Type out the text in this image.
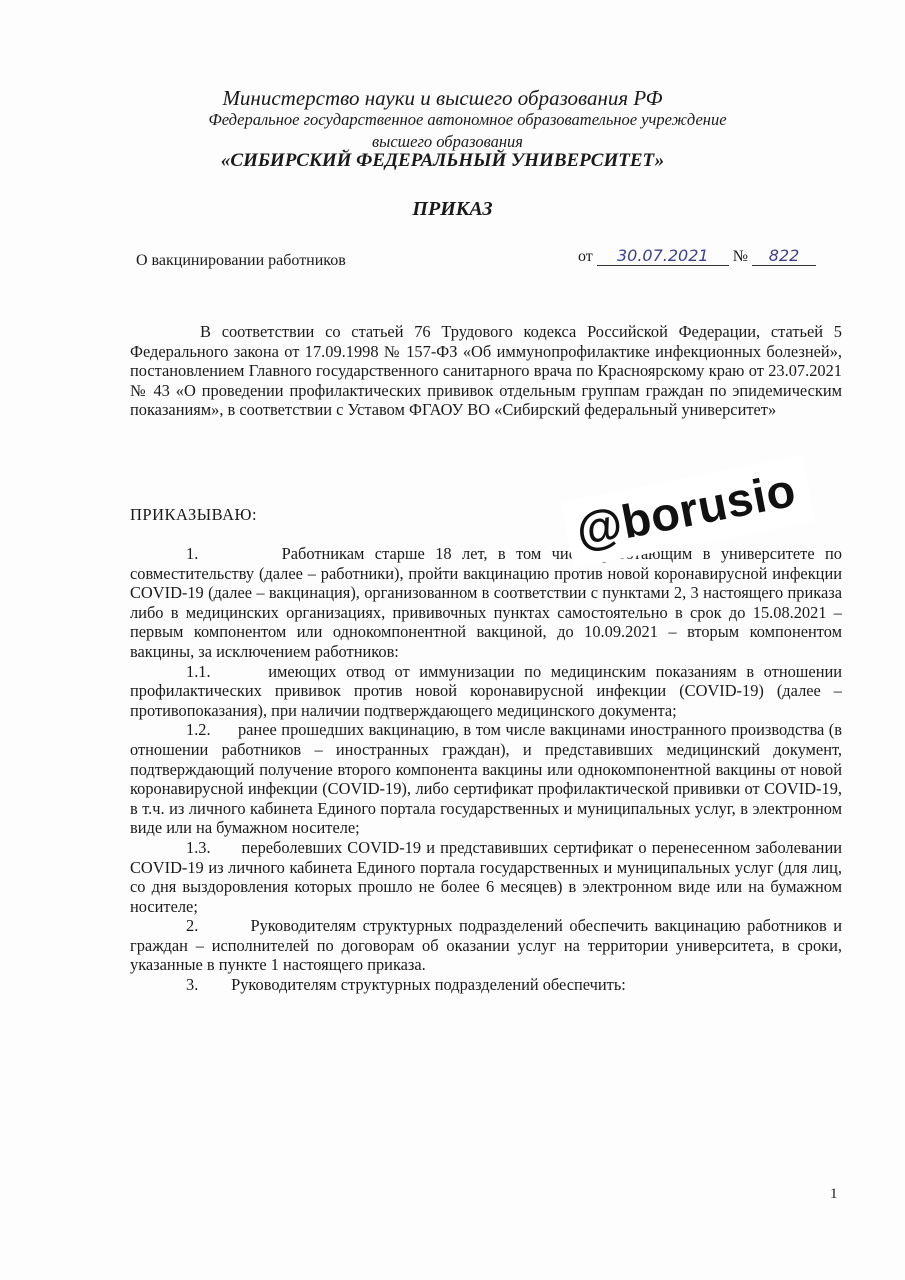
Министерство науки и высшего образования РФ
Федеральное государственное автономное образовательное учреждение
высшего образования
«СИБИРСКИЙ ФЕДЕРАЛЬНЫЙ УНИВЕРСИТЕТ»
ПРИКАЗ
О вакцинировании работников	от 30.07.2021 № 822
В соответствии со статьей 76 Трудового кодекса Российской Федерации, статьей 5 Федерального закона от 17.09.1998 № 157-ФЗ «Об иммунопрофилактике инфекционных болезней», постановлением Главного государственного санитарного врача по Красноярскому краю от 23.07.2021 № 43 «О проведении профилактических прививок отдельным группам граждан по эпидемическим показаниям», в соответствии с Уставом ФГАОУ ВО «Сибирский федеральный университет»
ПРИКАЗЫВАЮ:
1.	Работникам старше 18 лет, в том числе работающим в университете по совместительству (далее – работники), пройти вакцинацию против новой коронавирусной инфекции COVID-19 (далее – вакцинация), организованном в соответствии с пунктами 2, 3 настоящего приказа либо в медицинских организациях, прививочных пунктах самостоятельно в срок до 15.08.2021 – первым компонентом или однокомпонентной вакциной, до 10.09.2021 – вторым компонентом вакцины, за исключением работников:
1.1.	имеющих отвод от иммунизации по медицинским показаниям в отношении профилактических прививок против новой коронавирусной инфекции (COVID-19) (далее – противопоказания), при наличии подтверждающего медицинского документа;
1.2. ранее прошедших вакцинацию, в том числе вакцинами иностранного производства (в отношении работников – иностранных граждан), и представивших медицинский документ, подтверждающий получение второго компонента вакцины или однокомпонентной вакцины от новой коронавирусной инфекции (COVID-19), либо сертификат профилактической прививки от COVID-19, в т.ч. из личного кабинета Единого портала государственных и муниципальных услуг, в электронном виде или на бумажном носителе;
1.3. переболевших COVID-19 и представивших сертификат о перенесенном заболевании COVID-19 из личного кабинета Единого портала государственных и муниципальных услуг (для лиц, со дня выздоровления которых прошло не более 6 месяцев) в электронном виде или на бумажном носителе;
2.	Руководителям структурных подразделений обеспечить вакцинацию работников и граждан – исполнителей по договорам об оказании услуг на территории университета, в сроки, указанные в пункте 1 настоящего приказа.
3. Руководителям структурных подразделений обеспечить:
@borusio
1
